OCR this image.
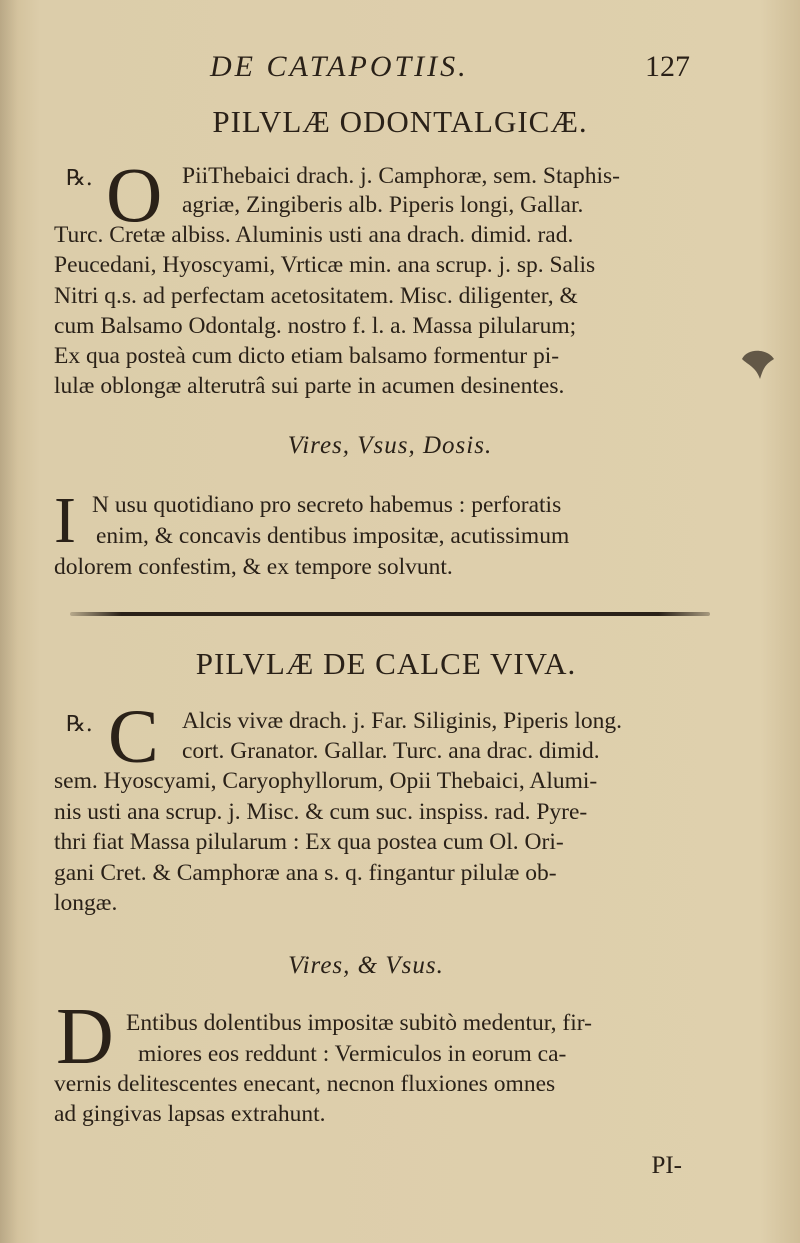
DE CATAPOTIIS.	127
PILVLÆ ODONTALGICÆ.
℞. O PiiThebaici drach. j. Camphoræ, sem. Staphis-
agriæ, Zingiberis alb. Piperis longi, Gallar.
Turc. Cretæ albiss. Aluminis usti ana drach. dimid. rad.
Peucedani, Hyoscyami, Vrticæ min. ana scrup. j. sp. Salis
Nitri q.s. ad perfectam acetositatem. Misc. diligenter, &
cum Balsamo Odontalg. nostro f. l. a. Massa pilularum;
Ex qua posteà cum dicto etiam balsamo formentur pi-
lulæ oblongæ alterutrâ sui parte in acumen desinentes.
Vires, Vsus, Dosis.
I N usu quotidiano pro secreto habemus : perforatis
enim, & concavis dentibus impositæ, acutissimum
dolorem confestim, & ex tempore solvunt.
PILVLÆ DE CALCE VIVA.
℞. C Alcis vivæ drach. j. Far. Siliginis, Piperis long.
cort. Granator. Gallar. Turc. ana drac. dimid.
sem. Hyoscyami, Caryophyllorum, Opii Thebaici, Alumi-
nis usti ana scrup. j. Misc. & cum suc. inspiss. rad. Pyre-
thri fiat Massa pilularum : Ex qua postea cum Ol. Ori-
gani Cret. & Camphoræ ana s. q. fingantur pilulæ ob-
longæ.
Vires, & Vsus.
D Entibus dolentibus impositæ subitò medentur, fir-
miores eos reddunt : Vermiculos in eorum ca-
vernis delitescentes enecant, necnon fluxiones omnes
ad gingivas lapsas extrahunt.
PI-
